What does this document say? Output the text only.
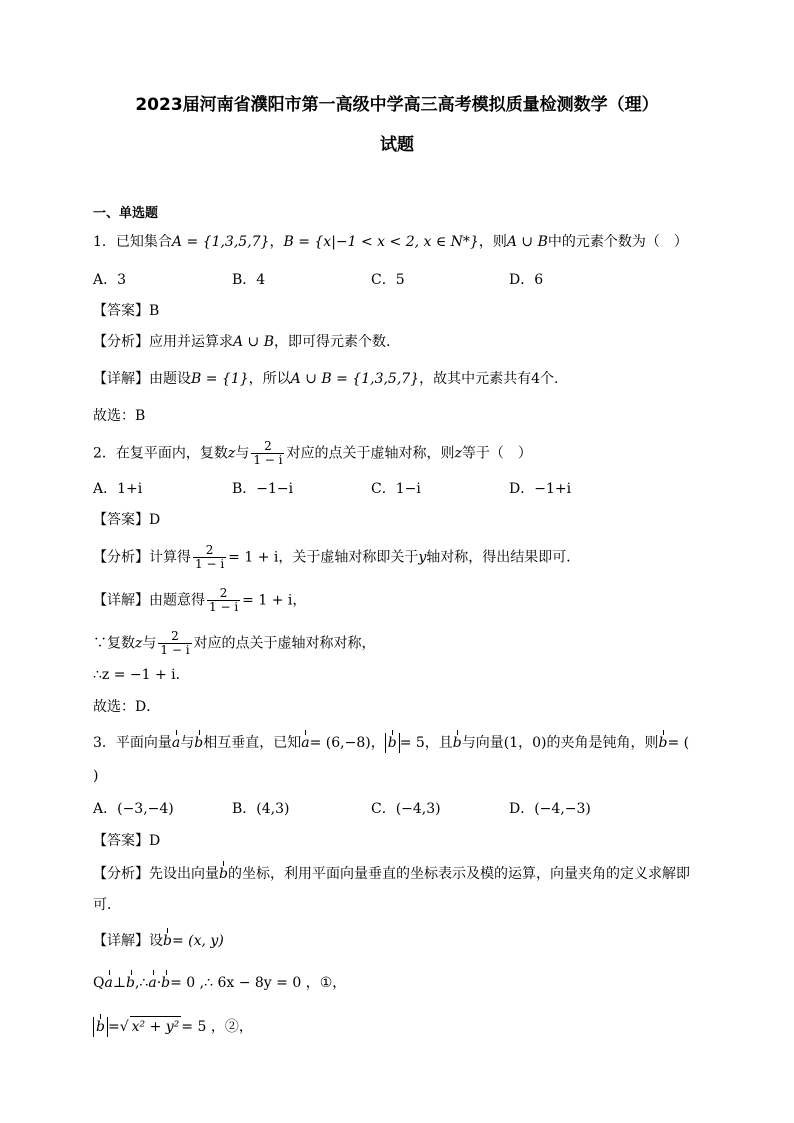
2023届河南省濮阳市第一高级中学高三高考模拟质量检测数学（理）
试题
一、单选题
1．已知集合A = {1,3,5,7}，B = {x|−1 < x < 2, x ∈ N*}，则A ∪ B中的元素个数为（　）
A．3	B．4	C．5	D．6
【答案】B
【分析】应用并运算求A ∪ B，即可得元素个数.
【详解】由题设B = {1}，所以A ∪ B = {1,3,5,7}，故其中元素共有4个.
故选：B
2．在复平面内，复数z与 $\frac{2}{1 - i}$ 对应的点关于虚轴对称，则z等于（　）
A．1+i	B．−1−i	C．1−i	D．−1+i
【答案】D
【分析】计算得 $\frac{2}{1 - i} = 1 + i$，关于虚轴对称即关于y轴对称，得出结果即可．
【详解】由题意得 $\frac{2}{1 - i} = 1 + i$，
∵复数z与 $\frac{2}{1 - i}$ 对应的点关于虚轴对称对称，
∴z = −1 + i．
故选：D．
3．平面向量a与b相互垂直，已知a= (6,−8)， b = 5，且b与向量(1，0)的夹角是钝角，则b= (
)
A．(−3,−4)	B．(4,3)	C．(−4,3)	D．(−4,−3)
【答案】D
【分析】先设出向量b的坐标，利用平面向量垂直的坐标表示及模的运算，向量夹角的定义求解即
可．
【详解】设b= (x, y)
Qa⊥b,∴a·b= 0 ,∴ 6x − 8y = 0 ，①，
b =√ x² + y² = 5 ，②，
